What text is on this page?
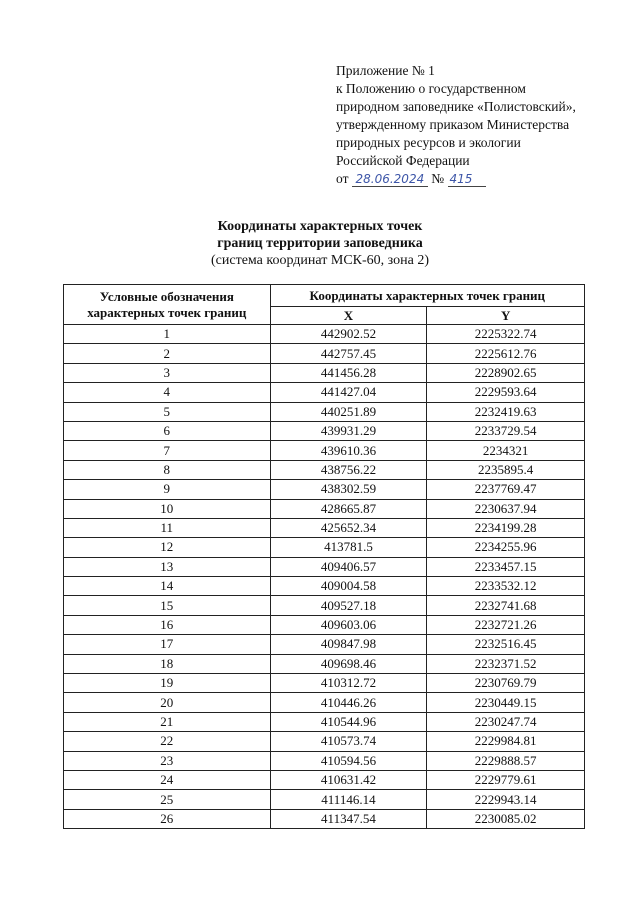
Приложение № 1
к Положению о государственном
природном заповеднике «Полистовский»,
утвержденному приказом Министерства
природных ресурсов и экологии
Российской Федерации
от 28.06.2024 № 415
Координаты характерных точек
границ территории заповедника
(система координат МСК-60, зона 2)
Условные обозначения характерных точек границ	Координаты характерных точек границ	
	X	Y
1	442902.52	2225322.74
2	442757.45	2225612.76
3	441456.28	2228902.65
4	441427.04	2229593.64
5	440251.89	2232419.63
6	439931.29	2233729.54
7	439610.36	2234321
8	438756.22	2235895.4
9	438302.59	2237769.47
10	428665.87	2230637.94
11	425652.34	2234199.28
12	413781.5	2234255.96
13	409406.57	2233457.15
14	409004.58	2233532.12
15	409527.18	2232741.68
16	409603.06	2232721.26
17	409847.98	2232516.45
18	409698.46	2232371.52
19	410312.72	2230769.79
20	410446.26	2230449.15
21	410544.96	2230247.74
22	410573.74	2229984.81
23	410594.56	2229888.57
24	410631.42	2229779.61
25	411146.14	2229943.14
26	411347.54	2230085.02
